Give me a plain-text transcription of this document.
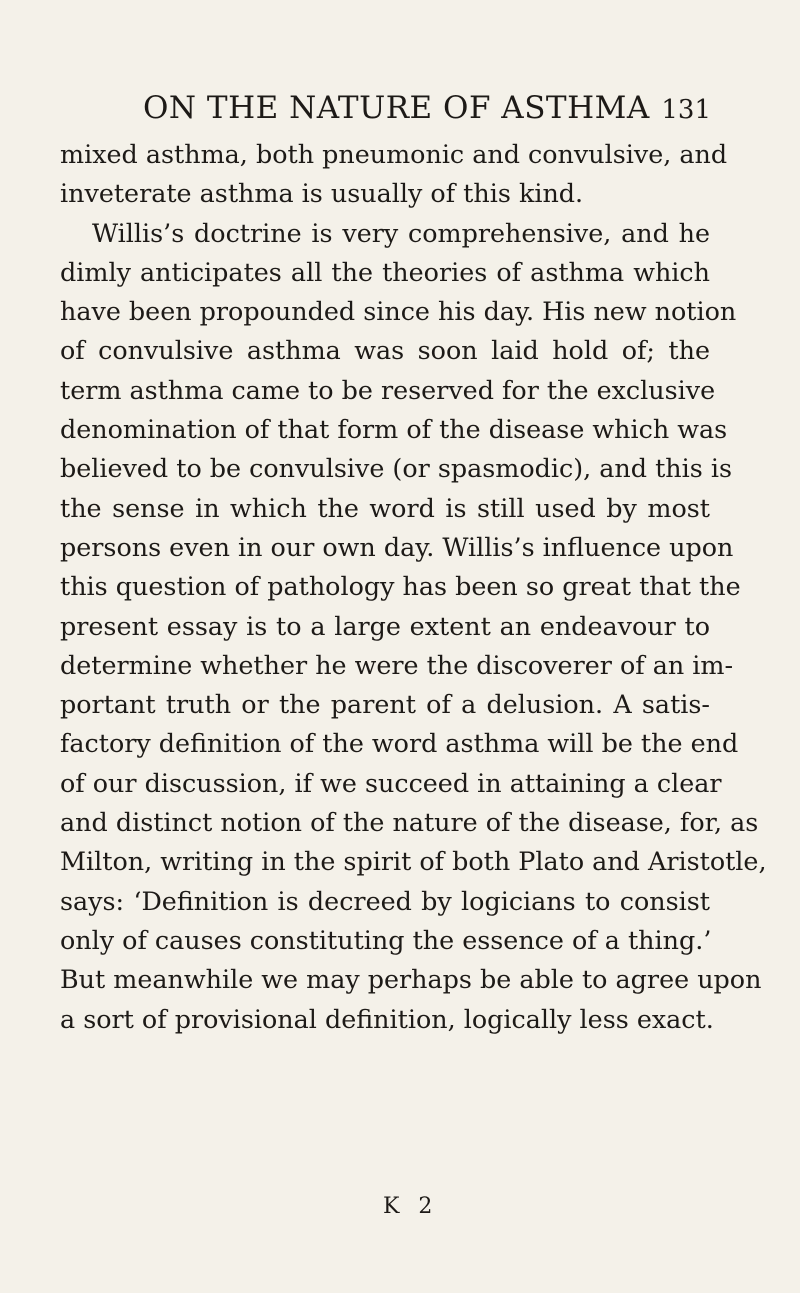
ON THE NATURE OF ASTHMA 131
mixed asthma, both pneumonic and convulsive, and
inveterate asthma is usually of this kind.
Willis’s doctrine is very comprehensive, and he
dimly anticipates all the theories of asthma which
have been propounded since his day. His new notion
of convulsive asthma was soon laid hold of; the
term asthma came to be reserved for the exclusive
denomination of that form of the disease which was
believed to be convulsive (or spasmodic), and this is
the sense in which the word is still used by most
persons even in our own day. Willis’s influence upon
this question of pathology has been so great that the
present essay is to a large extent an endeavour to
determine whether he were the discoverer of an im-
portant truth or the parent of a delusion. A satis-
factory definition of the word asthma will be the end
of our discussion, if we succeed in attaining a clear
and distinct notion of the nature of the disease, for, as
Milton, writing in the spirit of both Plato and Aristotle,
says: ‘Definition is decreed by logicians to consist
only of causes constituting the essence of a thing.’
But meanwhile we may perhaps be able to agree upon
a sort of provisional definition, logically less exact.
K 2
